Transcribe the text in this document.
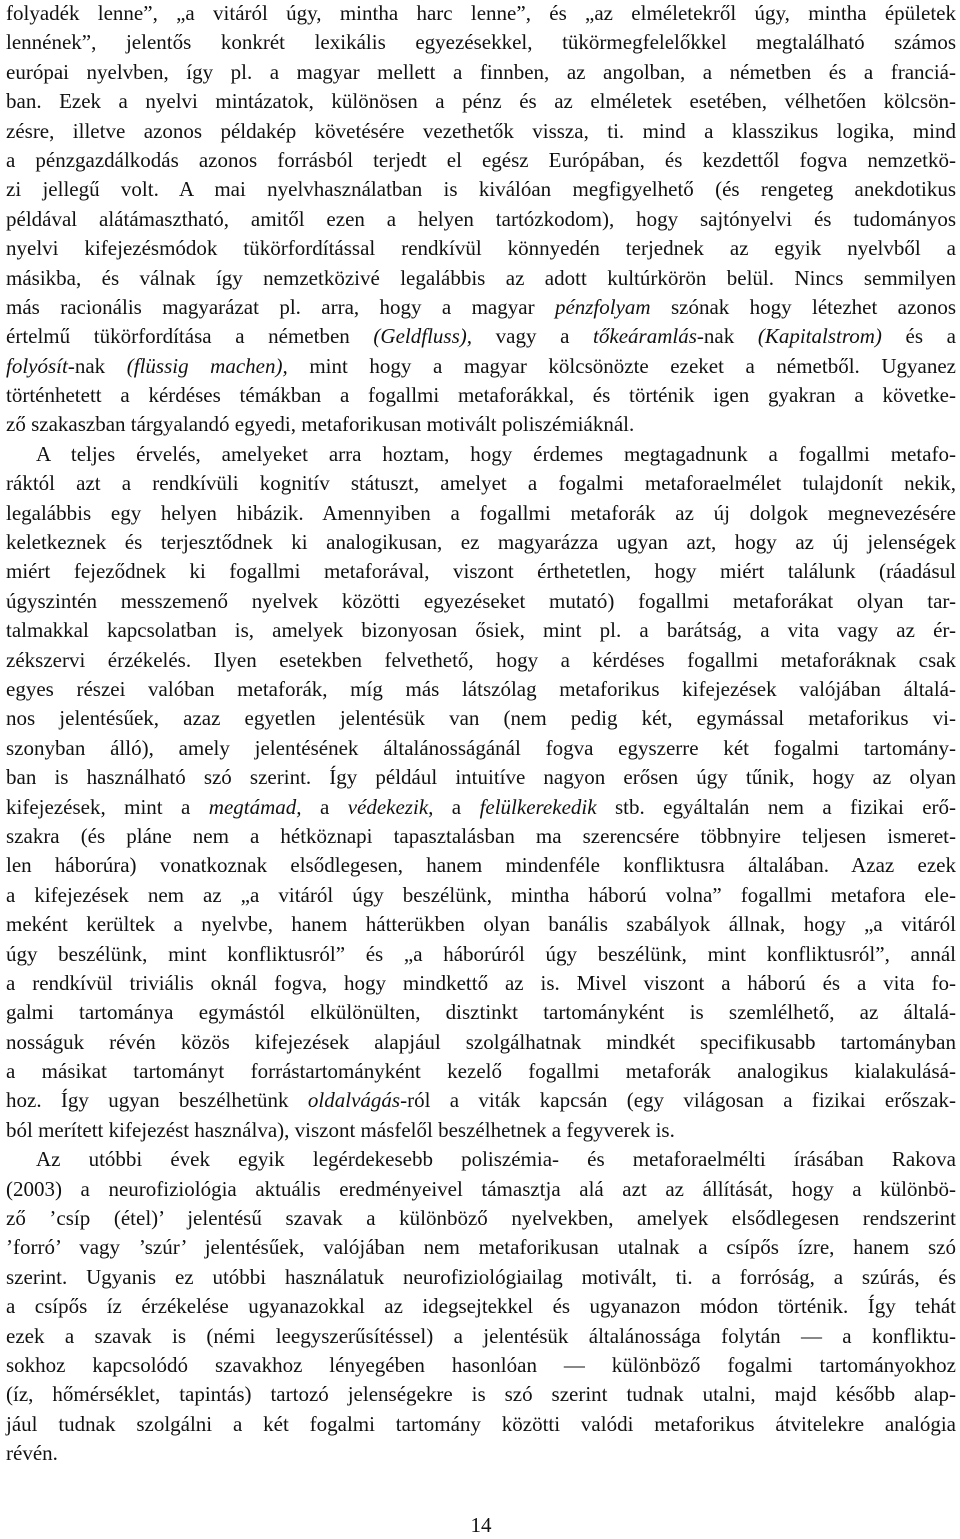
folyadék lenne”, „a vitáról úgy, mintha harc lenne”, és „az elméletekről úgy, mintha épületek
lennének”, jelentős konkrét lexikális egyezésekkel, tükörmegfelelőkkel megtalálható számos
európai nyelvben, így pl. a magyar mellett a finnben, az angolban, a németben és a franciá-
ban. Ezek a nyelvi mintázatok, különösen a pénz és az elméletek esetében, vélhetően kölcsön-
zésre, illetve azonos példakép követésére vezethetők vissza, ti. mind a klasszikus logika, mind
a pénzgazdálkodás azonos forrásból terjedt el egész Európában, és kezdettől fogva nemzetkö-
zi jellegű volt. A mai nyelvhasználatban is kiválóan megfigyelhető (és rengeteg anekdotikus
példával alátámasztható, amitől ezen a helyen tartózkodom), hogy sajtónyelvi és tudományos
nyelvi kifejezésmódok tükörfordítással rendkívül könnyedén terjednek az egyik nyelvből a
másikba, és válnak így nemzetközivé legalábbis az adott kultúrkörön belül. Nincs semmilyen
más racionális magyarázat pl. arra, hogy a magyar pénzfolyam szónak hogy létezhet azonos
értelmű tükörfordítása a németben (Geldfluss), vagy a tőkeáramlás-nak (Kapitalstrom) és a
folyósít-nak (flüssig machen), mint hogy a magyar kölcsönözte ezeket a németből. Ugyanez
történhetett a kérdéses témákban a fogallmi metaforákkal, és történik igen gyakran a követke-
ző szakaszban tárgyalandó egyedi, metaforikusan motivált poliszémiáknál.
A teljes érvelés, amelyeket arra hoztam, hogy érdemes megtagadnunk a fogallmi metafo-
ráktól azt a rendkívüli kognitív státuszt, amelyet a fogalmi metaforaelmélet tulajdonít nekik,
legalábbis egy helyen hibázik. Amennyiben a fogallmi metaforák az új dolgok megnevezésére
keletkeznek és terjesztődnek ki analogikusan, ez magyarázza ugyan azt, hogy az új jelenségek
miért fejeződnek ki fogallmi metaforával, viszont érthetetlen, hogy miért találunk (ráadásul
úgyszintén messzemenő nyelvek közötti egyezéseket mutató) fogallmi metaforákat olyan tar-
talmakkal kapcsolatban is, amelyek bizonyosan ősiek, mint pl. a barátság, a vita vagy az ér-
zékszervi érzékelés. Ilyen esetekben felvethető, hogy a kérdéses fogallmi metaforáknak csak
egyes részei valóban metaforák, míg más látszólag metaforikus kifejezések valójában általá-
nos jelentésűek, azaz egyetlen jelentésük van (nem pedig két, egymással metaforikus vi-
szonyban álló), amely jelentésének általánosságánál fogva egyszerre két fogalmi tartomány-
ban is használható szó szerint. Így például intuitíve nagyon erősen úgy tűnik, hogy az olyan
kifejezések, mint a megtámad, a védekezik, a felülkerekedik stb. egyáltalán nem a fizikai erő-
szakra (és pláne nem a hétköznapi tapasztalásban ma szerencsére többnyire teljesen ismeret-
len háborúra) vonatkoznak elsődlegesen, hanem mindenféle konfliktusra általában. Azaz ezek
a kifejezések nem az „a vitáról úgy beszélünk, mintha háború volna” fogallmi metafora ele-
meként kerültek a nyelvbe, hanem hátterükben olyan banális szabályok állnak, hogy „a vitáról
úgy beszélünk, mint konfliktusról” és „a háborúról úgy beszélünk, mint konfliktusról”, annál
a rendkívül triviális oknál fogva, hogy mindkettő az is. Mivel viszont a háború és a vita fo-
galmi tartománya egymástól elkülönülten, disztinkt tartományként is szemlélhető, az általá-
nosságuk révén közös kifejezések alapjául szolgálhatnak mindkét specifikusabb tartományban
a másikat tartományt forrástartományként kezelő fogallmi metaforák analogikus kialakulásá-
hoz. Így ugyan beszélhetünk oldalvágás-ról a viták kapcsán (egy világosan a fizikai erőszak-
ból merített kifejezést használva), viszont másfelől beszélhetnek a fegyverek is.
Az utóbbi évek egyik legérdekesebb poliszémia- és metaforaelmélti írásában Rakova
(2003) a neurofiziológia aktuális eredményeivel támasztja alá azt az állítását, hogy a különbö-
ző ’csíp (étel)’ jelentésű szavak a különböző nyelvekben, amelyek elsődlegesen rendszerint
’forró’ vagy ’szúr’ jelentésűek, valójában nem metaforikusan utalnak a csípős ízre, hanem szó
szerint. Ugyanis ez utóbbi használatuk neurofiziológiailag motivált, ti. a forróság, a szúrás, és
a csípős íz érzékelése ugyanazokkal az idegsejtekkel és ugyanazon módon történik. Így tehát
ezek a szavak is (némi leegyszerűsítéssel) a jelentésük általánossága folytán — a konfliktu-
sokhoz kapcsolódó szavakhoz lényegében hasonlóan — különböző fogalmi tartományokhoz
(íz, hőmérséklet, tapintás) tartozó jelenségekre is szó szerint tudnak utalni, majd később alap-
jául tudnak szolgálni a két fogalmi tartomány közötti valódi metaforikus átvitelekre analógia
révén.
14
